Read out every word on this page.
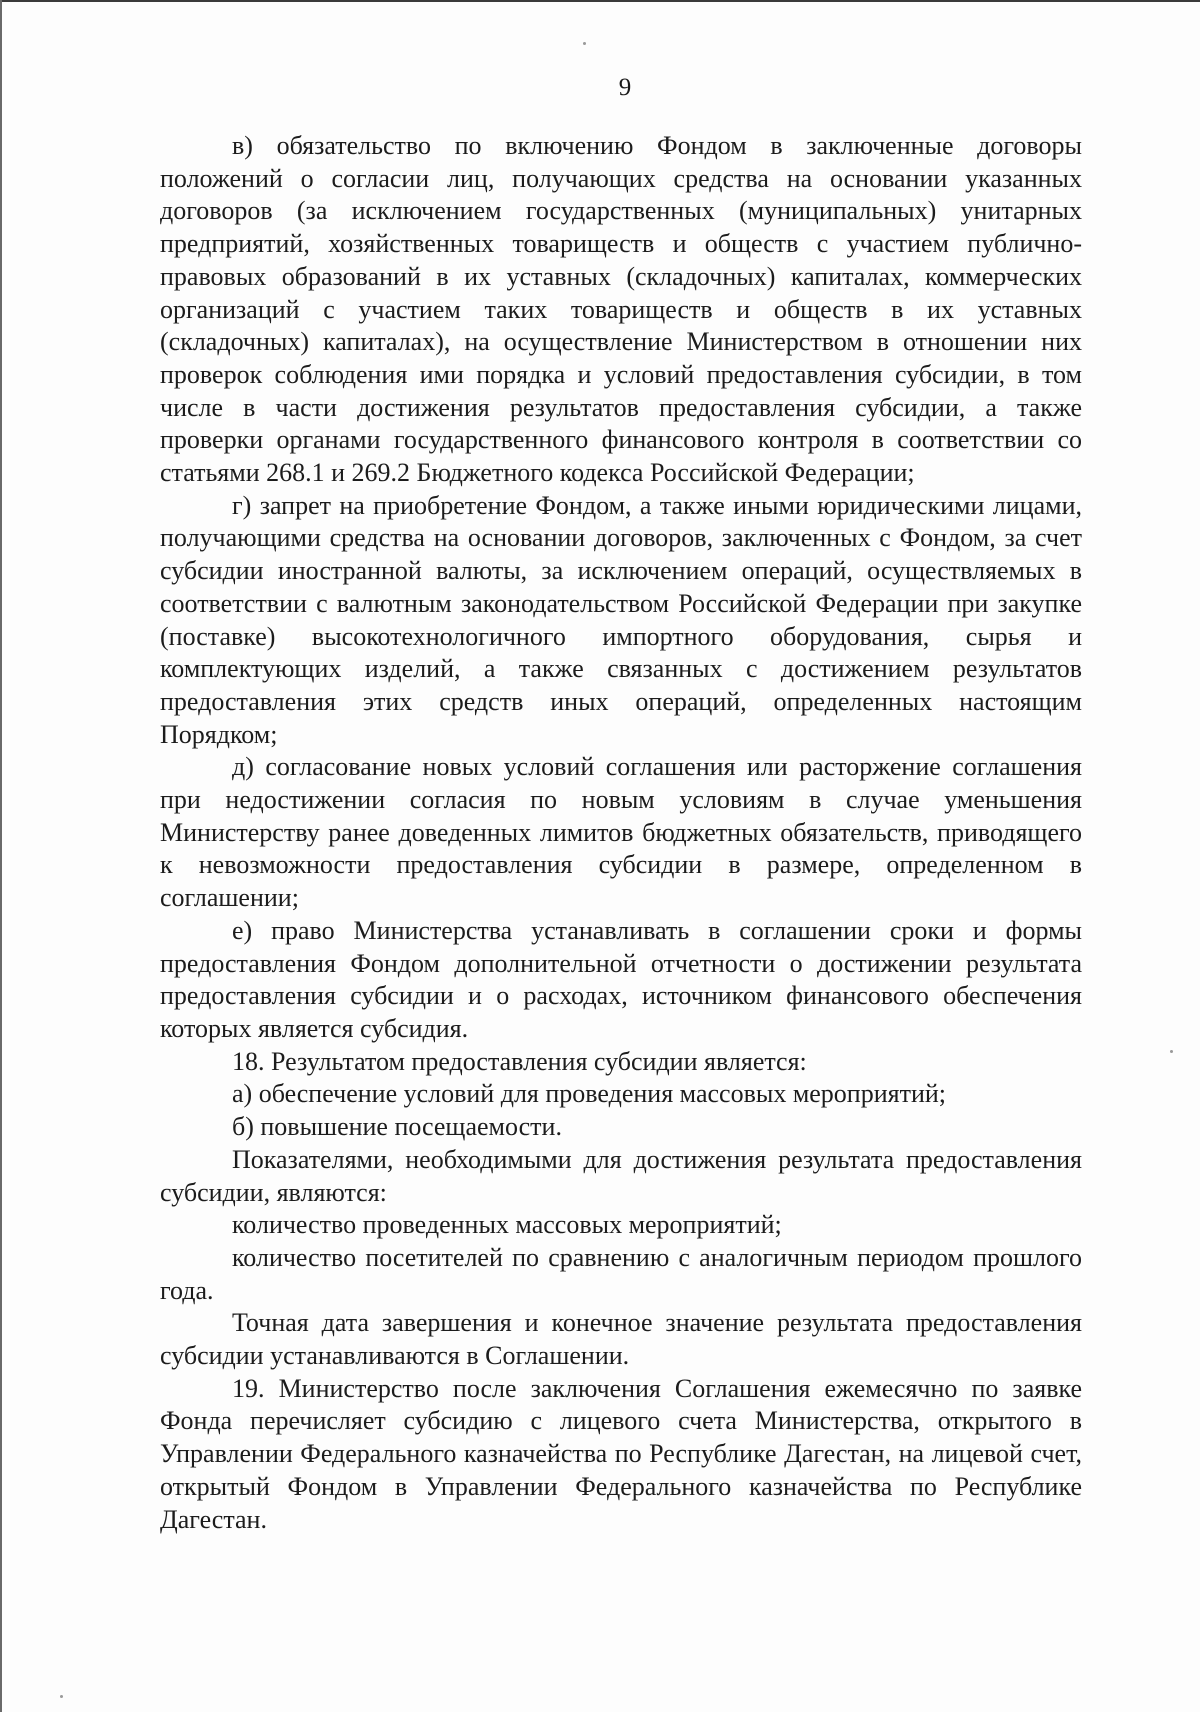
9

в) обязательство по включению Фондом в заключенные договоры положений о согласии лиц, получающих средства на основании указанных договоров (за исключением государственных (муниципальных) унитарных предприятий, хозяйственных товариществ и обществ с участием публично-правовых образований в их уставных (складочных) капиталах, коммерческих организаций с участием таких товариществ и обществ в их уставных (складочных) капиталах), на осуществление Министерством в отношении них проверок соблюдения ими порядка и условий предоставления субсидии, в том числе в части достижения результатов предоставления субсидии, а также проверки органами государственного финансового контроля в соответствии со статьями 268.1 и 269.2 Бюджетного кодекса Российской Федерации;

г) запрет на приобретение Фондом, а также иными юридическими лицами, получающими средства на основании договоров, заключенных с Фондом, за счет субсидии иностранной валюты, за исключением операций, осуществляемых в соответствии с валютным законодательством Российской Федерации при закупке (поставке) высокотехнологичного импортного оборудования, сырья и комплектующих изделий, а также связанных с достижением результатов предоставления этих средств иных операций, определенных настоящим Порядком;

д) согласование новых условий соглашения или расторжение соглашения при недостижении согласия по новым условиям в случае уменьшения Министерству ранее доведенных лимитов бюджетных обязательств, приводящего к невозможности предоставления субсидии в размере, определенном в соглашении;

е) право Министерства устанавливать в соглашении сроки и формы предоставления Фондом дополнительной отчетности о достижении результата предоставления субсидии и о расходах, источником финансового обеспечения которых является субсидия.

18. Результатом предоставления субсидии является:

а) обеспечение условий для проведения массовых мероприятий;

б) повышение посещаемости.

Показателями, необходимыми для достижения результата предоставления субсидии, являются:

количество проведенных массовых мероприятий;

количество посетителей по сравнению с аналогичным периодом прошлого года.

Точная дата завершения и конечное значение результата предоставления субсидии устанавливаются в Соглашении.

19. Министерство после заключения Соглашения ежемесячно по заявке Фонда перечисляет субсидию с лицевого счета Министерства, открытого в Управлении Федерального казначейства по Республике Дагестан, на лицевой счет, открытый Фондом в Управлении Федерального казначейства по Республике Дагестан.
